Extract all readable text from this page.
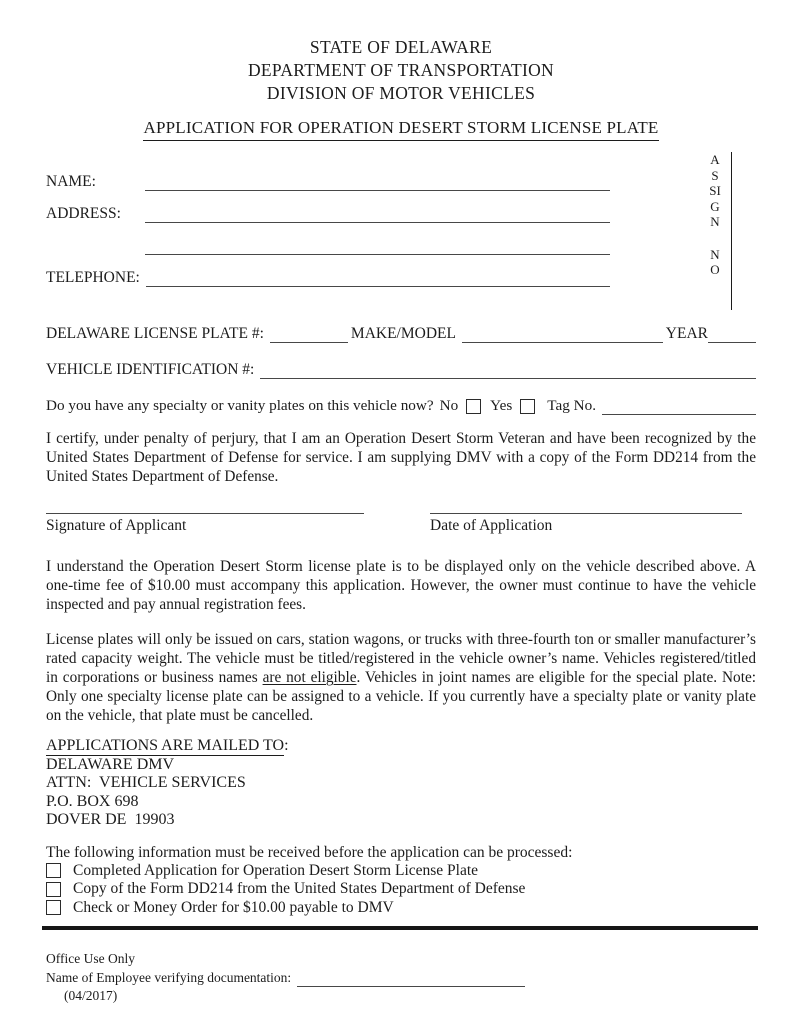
STATE OF DELAWARE
DEPARTMENT OF TRANSPORTATION
DIVISION OF MOTOR VEHICLES
APPLICATION FOR OPERATION DESERT STORM LICENSE PLATE
ASSIGN
NO
NAME:
ADDRESS:
TELEPHONE:
DELAWARE LICENSE PLATE #:	MAKE/MODEL	YEAR
VEHICLE IDENTIFICATION #:
Do you have any specialty or vanity plates on this vehicle now? No Yes Tag No.
I certify, under penalty of perjury, that I am an Operation Desert Storm Veteran and have been recognized by the United States Department of Defense for service. I am supplying DMV with a copy of the Form DD214 from the United States Department of Defense.
Signature of Applicant	Date of Application
I understand the Operation Desert Storm license plate is to be displayed only on the vehicle described above. A one-time fee of $10.00 must accompany this application. However, the owner must continue to have the vehicle inspected and pay annual registration fees.
License plates will only be issued on cars, station wagons, or trucks with three-fourth ton or smaller manufacturer’s rated capacity weight. The vehicle must be titled/registered in the vehicle owner’s name. Vehicles registered/titled in corporations or business names are not eligible. Vehicles in joint names are eligible for the special plate. Note: Only one specialty license plate can be assigned to a vehicle. If you currently have a specialty plate or vanity plate on the vehicle, that plate must be cancelled.
APPLICATIONS ARE MAILED TO:
DELAWARE DMV
ATTN:  VEHICLE SERVICES
P.O. BOX 698
DOVER DE  19903
The following information must be received before the application can be processed:
Completed Application for Operation Desert Storm License Plate
Copy of the Form DD214 from the United States Department of Defense
Check or Money Order for $10.00 payable to DMV
Office Use Only
Name of Employee verifying documentation:
(04/2017)
